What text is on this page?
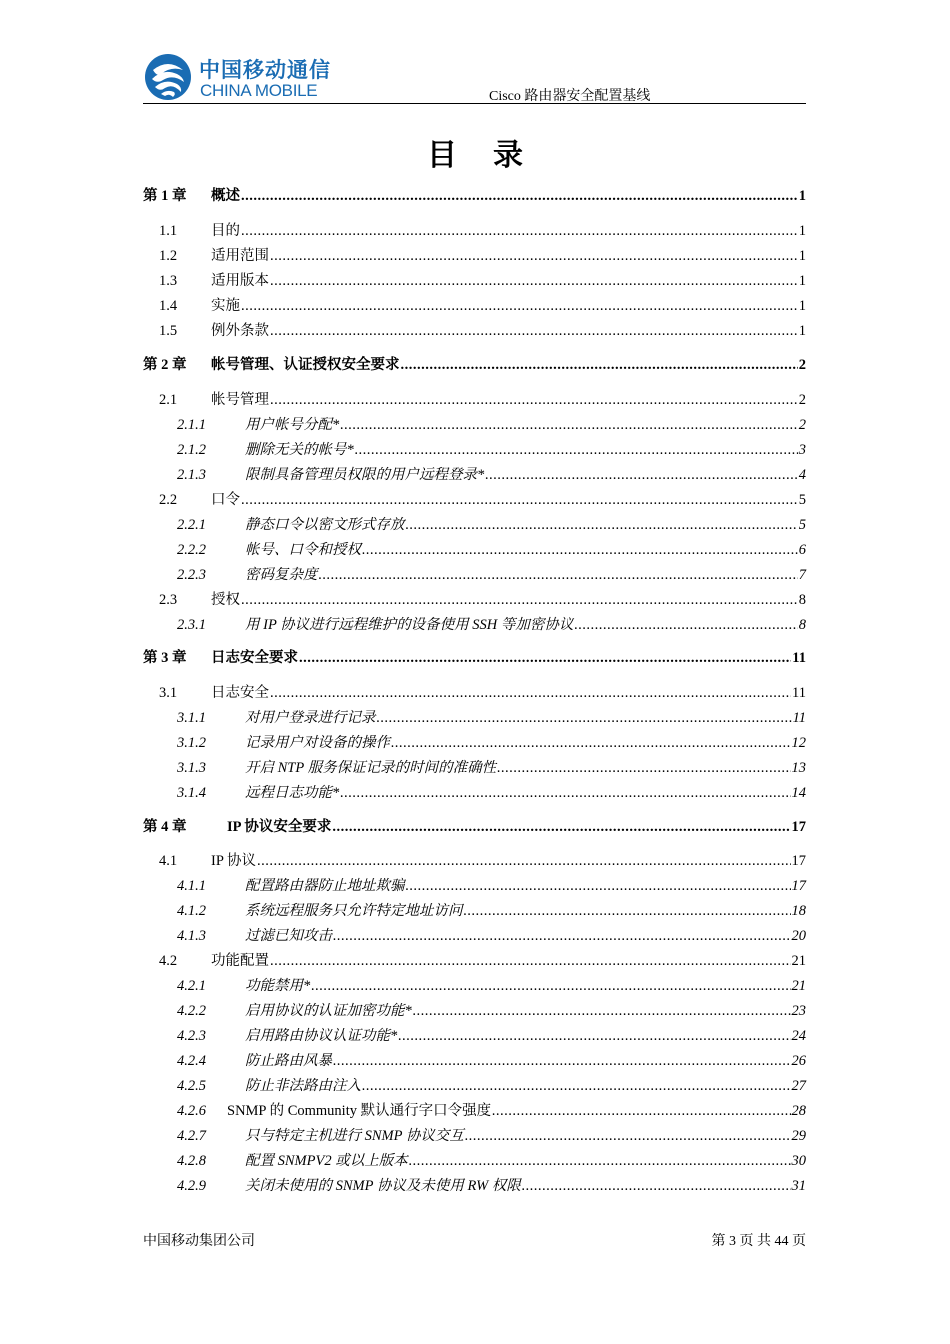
中国移动通信
CHINA MOBILE	Cisco 路由器安全配置基线
目 录
第 1 章	概述 .....	1
1.1	目的 .....	1
1.2	适用范围 .....	1
1.3	适用版本 .....	1
1.4	实施 .....	1
1.5	例外条款 .....	1
第 2 章	帐号管理、认证授权安全要求 .....	2
2.1	帐号管理 .....	2
2.1.1	用户帐号分配* .....	2
2.1.2	删除无关的帐号* .....	3
2.1.3	限制具备管理员权限的用户远程登录* .....	4
2.2	口令 .....	5
2.2.1	静态口令以密文形式存放 .....	5
2.2.2	帐号、口令和授权 .....	6
2.2.3	密码复杂度 .....	7
2.3	授权 .....	8
2.3.1	用 IP 协议进行远程维护的设备使用 SSH 等加密协议 .....	8
第 3 章	日志安全要求 .....	11
3.1	日志安全 .....	11
3.1.1	对用户登录进行记录 .....	11
3.1.2	记录用户对设备的操作 .....	12
3.1.3	开启 NTP 服务保证记录的时间的准确性 .....	13
3.1.4	远程日志功能* .....	14
第 4 章	IP 协议安全要求 .....	17
4.1	IP 协议 .....	17
4.1.1	配置路由器防止地址欺骗 .....	17
4.1.2	系统远程服务只允许特定地址访问 .....	18
4.1.3	过滤已知攻击 .....	20
4.2	功能配置 .....	21
4.2.1	功能禁用* .....	21
4.2.2	启用协议的认证加密功能* .....	23
4.2.3	启用路由协议认证功能* .....	24
4.2.4	防止路由风暴 .....	26
4.2.5	防止非法路由注入 .....	27
4.2.6	SNMP 的 Community 默认通行字口令强度 .....	28
4.2.7	只与特定主机进行 SNMP 协议交互 .....	29
4.2.8	配置 SNMPV2 或以上版本 .....	30
4.2.9	关闭未使用的 SNMP 协议及未使用 RW 权限 .....	31
中国移动集团公司	第 3 页 共 44 页
